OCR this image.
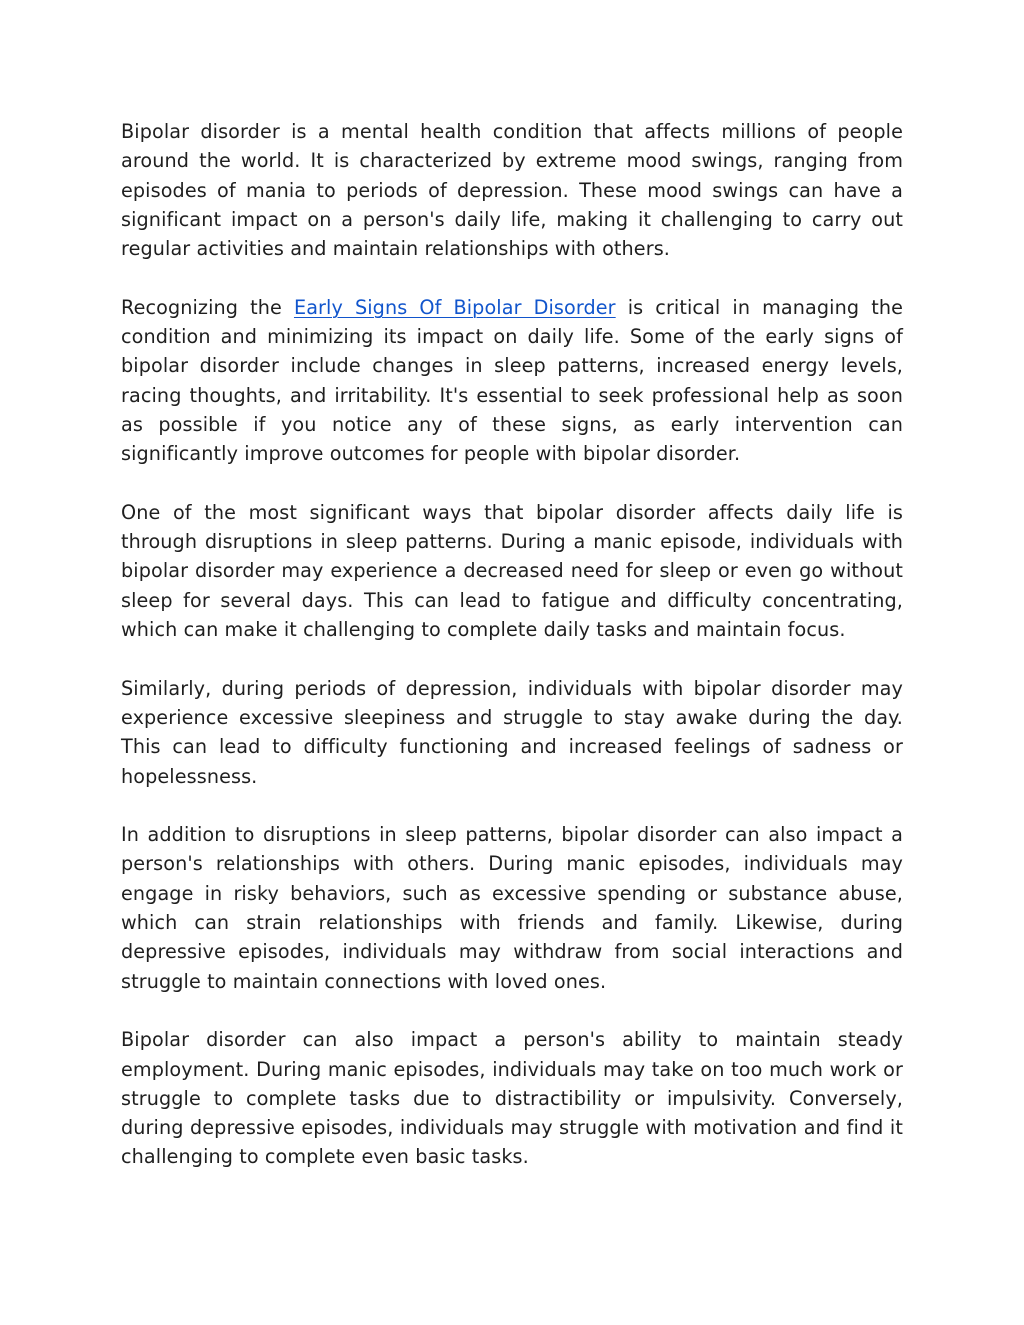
Bipolar disorder is a mental health condition that affects millions of people around the world. It is characterized by extreme mood swings, ranging from episodes of mania to periods of depression. These mood swings can have a significant impact on a person's daily life, making it challenging to carry out regular activities and maintain relationships with others.

Recognizing the Early Signs Of Bipolar Disorder is critical in managing the condition and minimizing its impact on daily life. Some of the early signs of bipolar disorder include changes in sleep patterns, increased energy levels, racing thoughts, and irritability. It's essential to seek professional help as soon as possible if you notice any of these signs, as early intervention can significantly improve outcomes for people with bipolar disorder.

One of the most significant ways that bipolar disorder affects daily life is through disruptions in sleep patterns. During a manic episode, individuals with bipolar disorder may experience a decreased need for sleep or even go without sleep for several days. This can lead to fatigue and difficulty concentrating, which can make it challenging to complete daily tasks and maintain focus.

Similarly, during periods of depression, individuals with bipolar disorder may experience excessive sleepiness and struggle to stay awake during the day. This can lead to difficulty functioning and increased feelings of sadness or hopelessness.

In addition to disruptions in sleep patterns, bipolar disorder can also impact a person's relationships with others. During manic episodes, individuals may engage in risky behaviors, such as excessive spending or substance abuse, which can strain relationships with friends and family. Likewise, during depressive episodes, individuals may withdraw from social interactions and struggle to maintain connections with loved ones.

Bipolar disorder can also impact a person's ability to maintain steady employment. During manic episodes, individuals may take on too much work or struggle to complete tasks due to distractibility or impulsivity. Conversely, during depressive episodes, individuals may struggle with motivation and find it challenging to complete even basic tasks.
